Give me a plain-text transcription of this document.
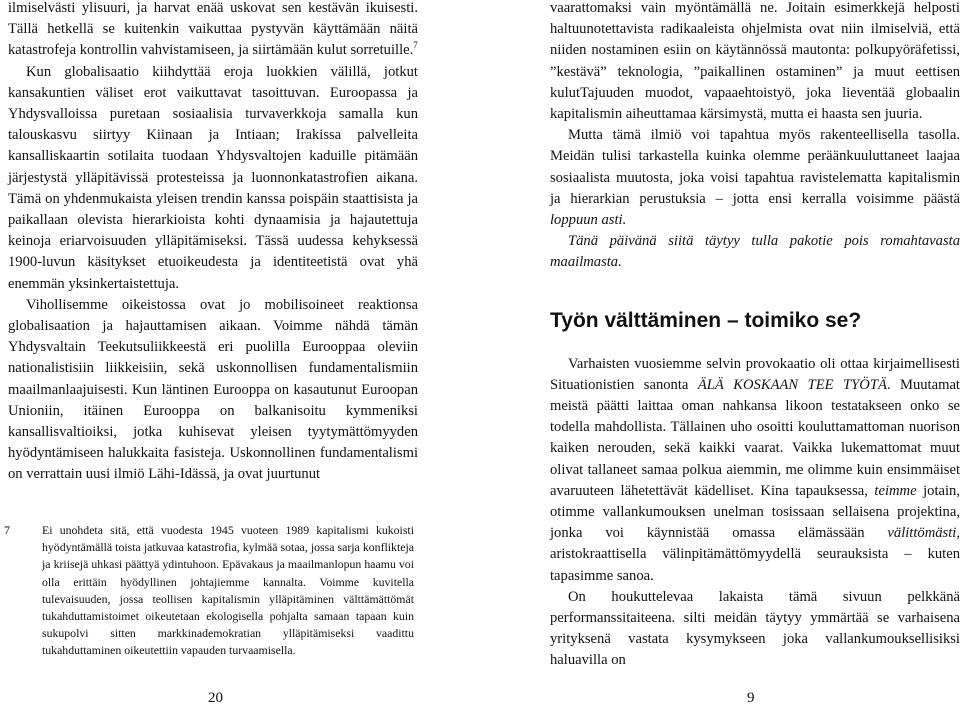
ilmiselvästi ylisuuri, ja harvat enää uskovat sen kestävän ikuisesti. Tällä hetkellä se kuitenkin vaikuttaa pystyvän käyttämään näitä katastrofeja kontrollin vahvistamiseen, ja siirtämään kulut sorretuille.$^7$

Kun globalisaatio kiihdyttää eroja luokkien välillä, jotkut kansakuntien väliset erot vaikuttavat tasoittuvan. Euroopassa ja Yhdysvalloissa puretaan sosiaalisia turvaverkkoja samalla kun talouskasvu siirtyy Kiinaan ja Intiaan; Irakissa palvelleita kansalliskaartin sotilaita tuodaan Yhdysvaltojen kaduille pitämään järjestystä ylläpitävissä protesteissa ja luonnonkatastrofien aikana. Tämä on yhdenmukaista yleisen trendin kanssa poispäin staattisista ja paikallaan olevista hierarkioista kohti dynaamisia ja hajautettuja keinoja eriarvoisuuden ylläpitämiseksi. Tässä uudessa kehyksessä 1900-luvun käsitykset etuoikeudesta ja identiteetistä ovat yhä enemmän yksinkertaistettuja.

Vihollisemme oikeistossa ovat jo mobilisoineet reaktionsa globalisaation ja hajauttamisen aikaan. Voimme nähdä tämän Yhdysvaltain Teekutsuliikkeestä eri puolilla Eurooppaa oleviin nationalistisiin liikkeisiin, sekä uskonnollisen fundamentalismiin maailmanlaajuisesti. Kun läntinen Eurooppa on kasautunut Euroopan Unioniin, itäinen Eurooppa on balkanisoitu kymmeniksi kansallisvaltioiksi, jotka kuhisevat yleisen tyytymättömyyden hyödyntämiseen halukkaita fasisteja. Uskonnollinen fundamentalismi on verrattain uusi ilmiö Lähi-Idässä, ja ovat juurtunut

7	Ei unohdeta sitä, että vuodesta 1945 vuoteen 1989 kapitalismi kukoisti hyödyntämällä toista jatkuvaa katastrofia, kylmää sotaa, jossa sarja konflikteja ja kriisejä uhkasi päättyä ydintuhoon. Epävakaus ja maailmanlopun haamu voi olla erittäin hyödyllinen johtajiemme kannalta. Voimme kuvitella tulevaisuuden, jossa teollisen kapitalismin ylläpitäminen välttämättömät tukahduttamistoimet oikeutetaan ekologisella pohjalta samaan tapaan kuin sukupolvi sitten markkinademokratian ylläpitämiseksi vaadittu tukahduttaminen oikeutettiin vapauden turvaamisella.

vaarattomaksi vain myöntämällä ne. Joitain esimerkkejä helposti haltuunotettavista radikaaleista ohjelmista ovat niin ilmiselviä, että niiden nostaminen esiin on käytännössä mautonta: polkupyöräfetissi, ”kestävä” teknologia, ”paikallinen ostaminen” ja muut eettisen kulutTajuuden muodot, vapaaehtoistyö, joka lieventää globaalin kapitalismin aiheuttamaa kärsimystä, mutta ei haasta sen juuria.

Mutta tämä ilmiö voi tapahtua myös rakenteellisella tasolla. Meidän tulisi tarkastella kuinka olemme peräänkuuluttaneet laajaa sosiaalista muutosta, joka voisi tapahtua ravistelematta kapitalismin ja hierarkian perustuksia – jotta ensi kerralla voisimme päästä loppuun asti.

Tänä päivänä siitä täytyy tulla pakotie pois romahtavasta maailmasta.

Työn välttäminen – toimiko se?

Varhaisten vuosiemme selvin provokaatio oli ottaa kirjaimellisesti Situationistien sanonta ÄLÄ KOSKAAN TEE TYÖTÄ. Muutamat meistä päätti laittaa oman nahkansa likoon testatakseen onko se todella mahdollista. Tällainen uho osoitti kouluttamattoman nuorison kaiken nerouden, sekä kaikki vaarat. Vaikka lukemattomat muut olivat tallaneet samaa polkua aiemmin, me olimme kuin ensimmäiset avaruuteen lähetettävät kädelliset. Kina tapauksessa, teimme jotain, otimme vallankumouksen unelman tosissaan sellaisena projektina, jonka voi käynnistää omassa elämässään välittömästi, aristokraattisella välinpitämättömyydellä seurauksista – kuten tapasimme sanoa.

On houkuttelevaa lakaista tämä sivuun pelkkänä performanssitaiteena. silti meidän täytyy ymmärtää se varhaisena yrityksenä vastata kysymykseen joka vallankumouksellisiksi haluavilla on

20	9
